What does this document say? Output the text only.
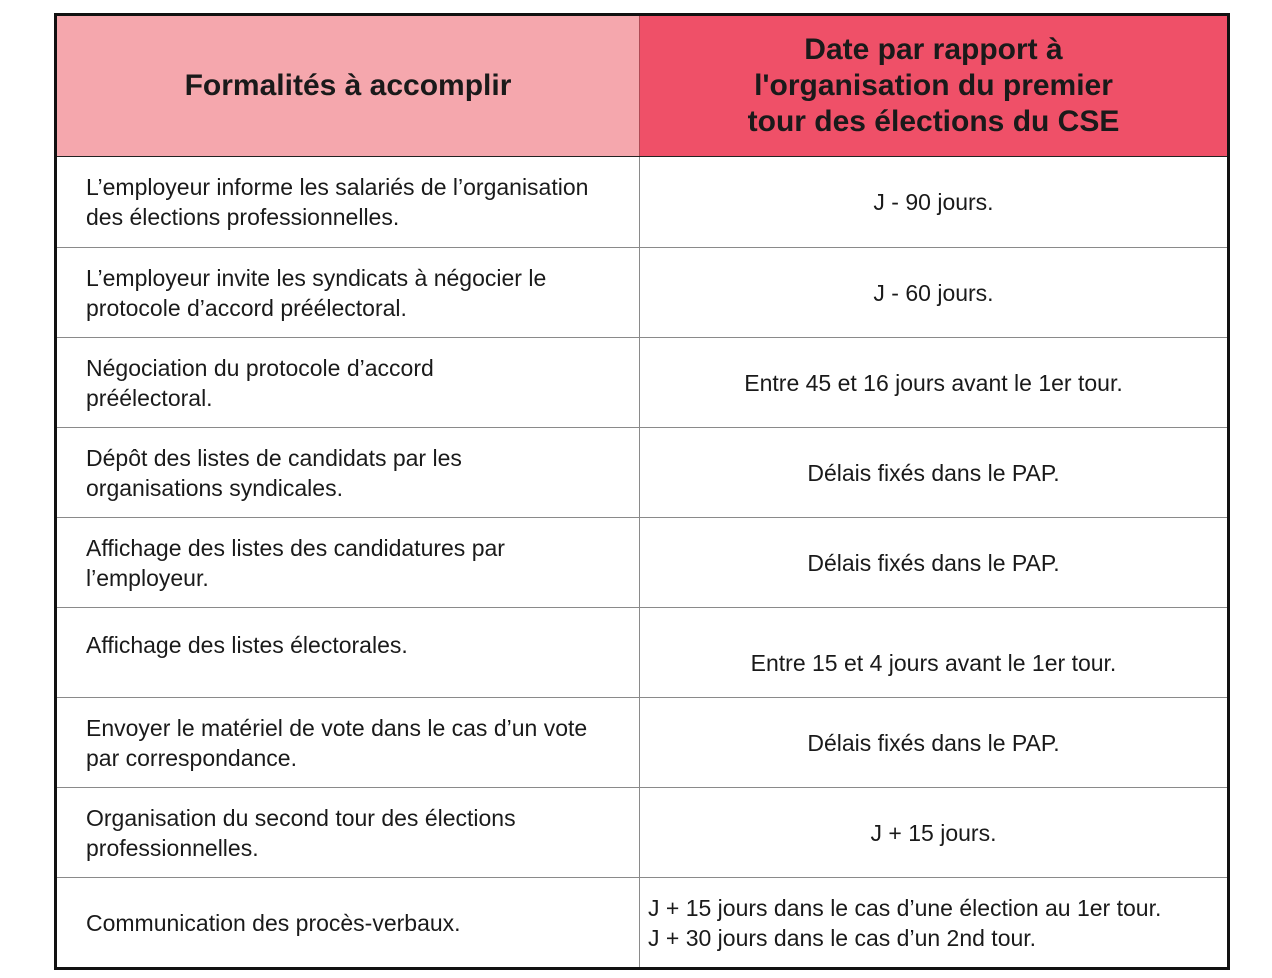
Formalités à accomplir
Date par rapport à l'organisation du premier tour des élections du CSE
L’employeur informe les salariés de l’organisation des élections professionnelles.
J - 90 jours.
L’employeur invite les syndicats à négocier le protocole d’accord préélectoral.
J - 60 jours.
Négociation du protocole d’accord préélectoral.
Entre 45 et 16 jours avant le 1er tour.
Dépôt des listes de candidats par les organisations syndicales.
Délais fixés dans le PAP.
Affichage des listes des candidatures par l’employeur.
Délais fixés dans le PAP.
Affichage des listes électorales.
Entre 15 et 4 jours avant le 1er tour.
Envoyer le matériel de vote dans le cas d’un vote par correspondance.
Délais fixés dans le PAP.
Organisation du second tour des élections professionnelles.
J + 15 jours.
Communication des procès-verbaux.
J + 15 jours dans le cas d’une élection au 1er tour.
J + 30 jours dans le cas d’un 2nd tour.
